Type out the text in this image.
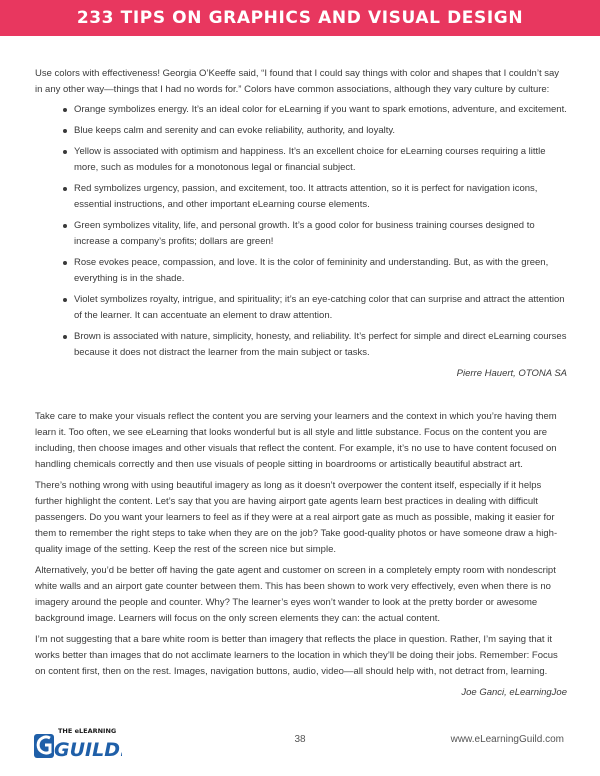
233 TIPS ON GRAPHICS AND VISUAL DESIGN

Use colors with effectiveness! Georgia O’Keeffe said, “I found that I could say things with color and shapes that I couldn’t say in any other way—things that I had no words for.” Colors have common associations, although they vary culture by culture:

Orange symbolizes energy. It’s an ideal color for eLearning if you want to spark emotions, adventure, and excitement.
Blue keeps calm and serenity and can evoke reliability, authority, and loyalty.
Yellow is associated with optimism and happiness. It’s an excellent choice for eLearning courses requiring a little more, such as modules for a monotonous legal or financial subject.
Red symbolizes urgency, passion, and excitement, too. It attracts attention, so it is perfect for navigation icons, essential instructions, and other important eLearning course elements.
Green symbolizes vitality, life, and personal growth. It’s a good color for business training courses designed to increase a company’s profits; dollars are green!
Rose evokes peace, compassion, and love. It is the color of femininity and understanding. But, as with the green, everything is in the shade.
Violet symbolizes royalty, intrigue, and spirituality; it’s an eye-catching color that can surprise and attract the attention of the learner. It can accentuate an element to draw attention.
Brown is associated with nature, simplicity, honesty, and reliability. It’s perfect for simple and direct eLearning courses because it does not distract the learner from the main subject or tasks.

Pierre Hauert, OTONA SA

Take care to make your visuals reflect the content you are serving your learners and the context in which you’re having them learn it. Too often, we see eLearning that looks wonderful but is all style and little substance. Focus on the content you are including, then choose images and other visuals that reflect the content. For example, it’s no use to have content focused on handling chemicals correctly and then use visuals of people sitting in boardrooms or artistically beautiful abstract art.

There’s nothing wrong with using beautiful imagery as long as it doesn’t overpower the content itself, especially if it helps further highlight the content. Let’s say that you are having airport gate agents learn best practices in dealing with difficult passengers. Do you want your learners to feel as if they were at a real airport gate as much as possible, making it easier for them to remember the right steps to take when they are on the job? Take good-quality photos or have someone draw a high-quality image of the setting. Keep the rest of the screen nice but simple.

Alternatively, you’d be better off having the gate agent and customer on screen in a completely empty room with nondescript white walls and an airport gate counter between them. This has been shown to work very effectively, even when there is no imagery around the people and counter. Why? The learner’s eyes won’t wander to look at the pretty border or awesome background image. Learners will focus on the only screen elements they can: the actual content.

I’m not suggesting that a bare white room is better than imagery that reflects the place in question. Rather, I’m saying that it works better than images that do not acclimate learners to the location in which they’ll be doing their jobs. Remember: Focus on content first, then on the rest. Images, navigation buttons, audio, video—all should help with, not detract from, learning.

Joe Ganci, eLearningJoe

THE eLEARNING
GUILD.	38	www.eLearningGuild.com
